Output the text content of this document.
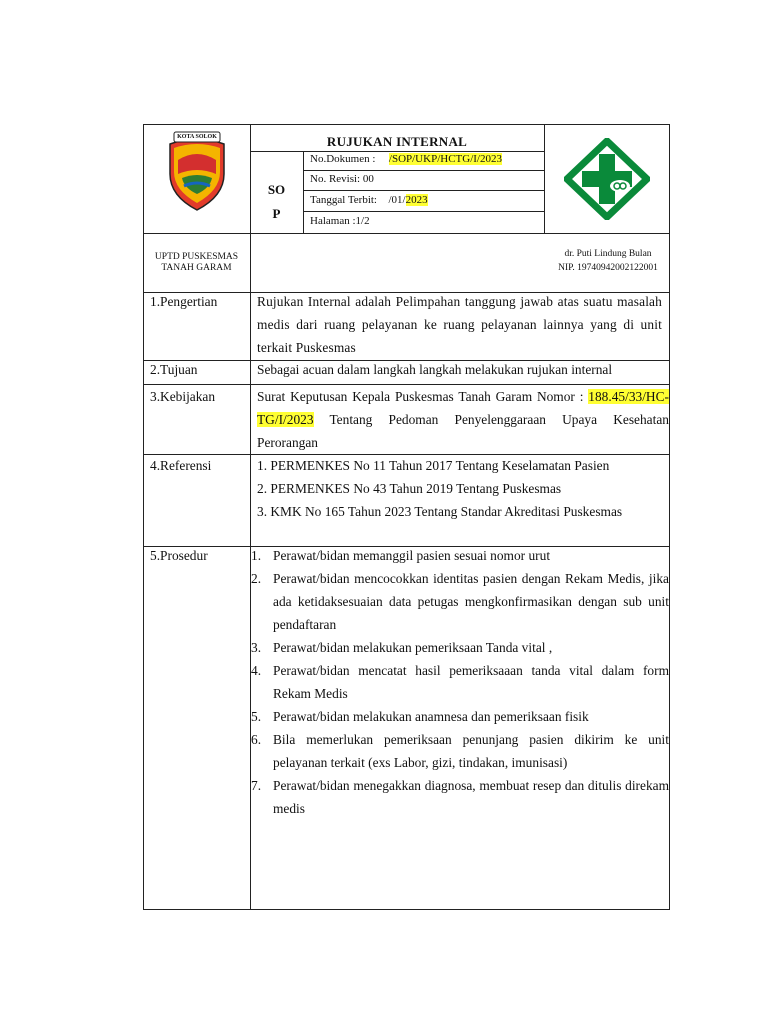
KOTA SOLOK	RUJUKAN INTERNAL
SO
P
No.Dokumen : /SOP/UKP/HCTG/I/2023
No. Revisi: 00
Tanggal Terbit: /01/2023
Halaman :1/2
UPTD PUSKESMAS
TANAH GARAM
dr. Puti Lindung Bulan
NIP. 19740942002122001
1.Pengertian
2.Tujuan
3.Kebijakan
4.Referensi
5.Prosedur
Rujukan Internal adalah Pelimpahan tanggung jawab atas suatu masalah medis dari ruang pelayanan ke ruang pelayanan lainnya yang di unit terkait Puskesmas
Sebagai acuan dalam langkah langkah melakukan rujukan internal
Surat Keputusan Kepala Puskesmas Tanah Garam Nomor : 188.45/33/HC-TG/I/2023 Tentang Pedoman Penyelenggaraan Upaya Kesehatan Perorangan
1. PERMENKES No 11 Tahun 2017 Tentang Keselamatan Pasien
2. PERMENKES No 43 Tahun 2019 Tentang Puskesmas
3. KMK No 165 Tahun 2023 Tentang Standar Akreditasi Puskesmas
1. Perawat/bidan memanggil pasien sesuai nomor urut
2. Perawat/bidan mencocokkan identitas pasien dengan Rekam Medis, jika ada ketidaksesuaian data petugas mengkonfirmasikan dengan sub unit pendaftaran
3. Perawat/bidan melakukan pemeriksaan Tanda vital ,
4. Perawat/bidan mencatat hasil pemeriksaaan tanda vital dalam form Rekam Medis
5. Perawat/bidan melakukan anamnesa dan pemeriksaan fisik
6. Bila memerlukan pemeriksaan penunjang pasien dikirim ke unit pelayanan terkait (exs Labor, gizi, tindakan, imunisasi)
7. Perawat/bidan menegakkan diagnosa, membuat resep dan ditulis direkam medis
